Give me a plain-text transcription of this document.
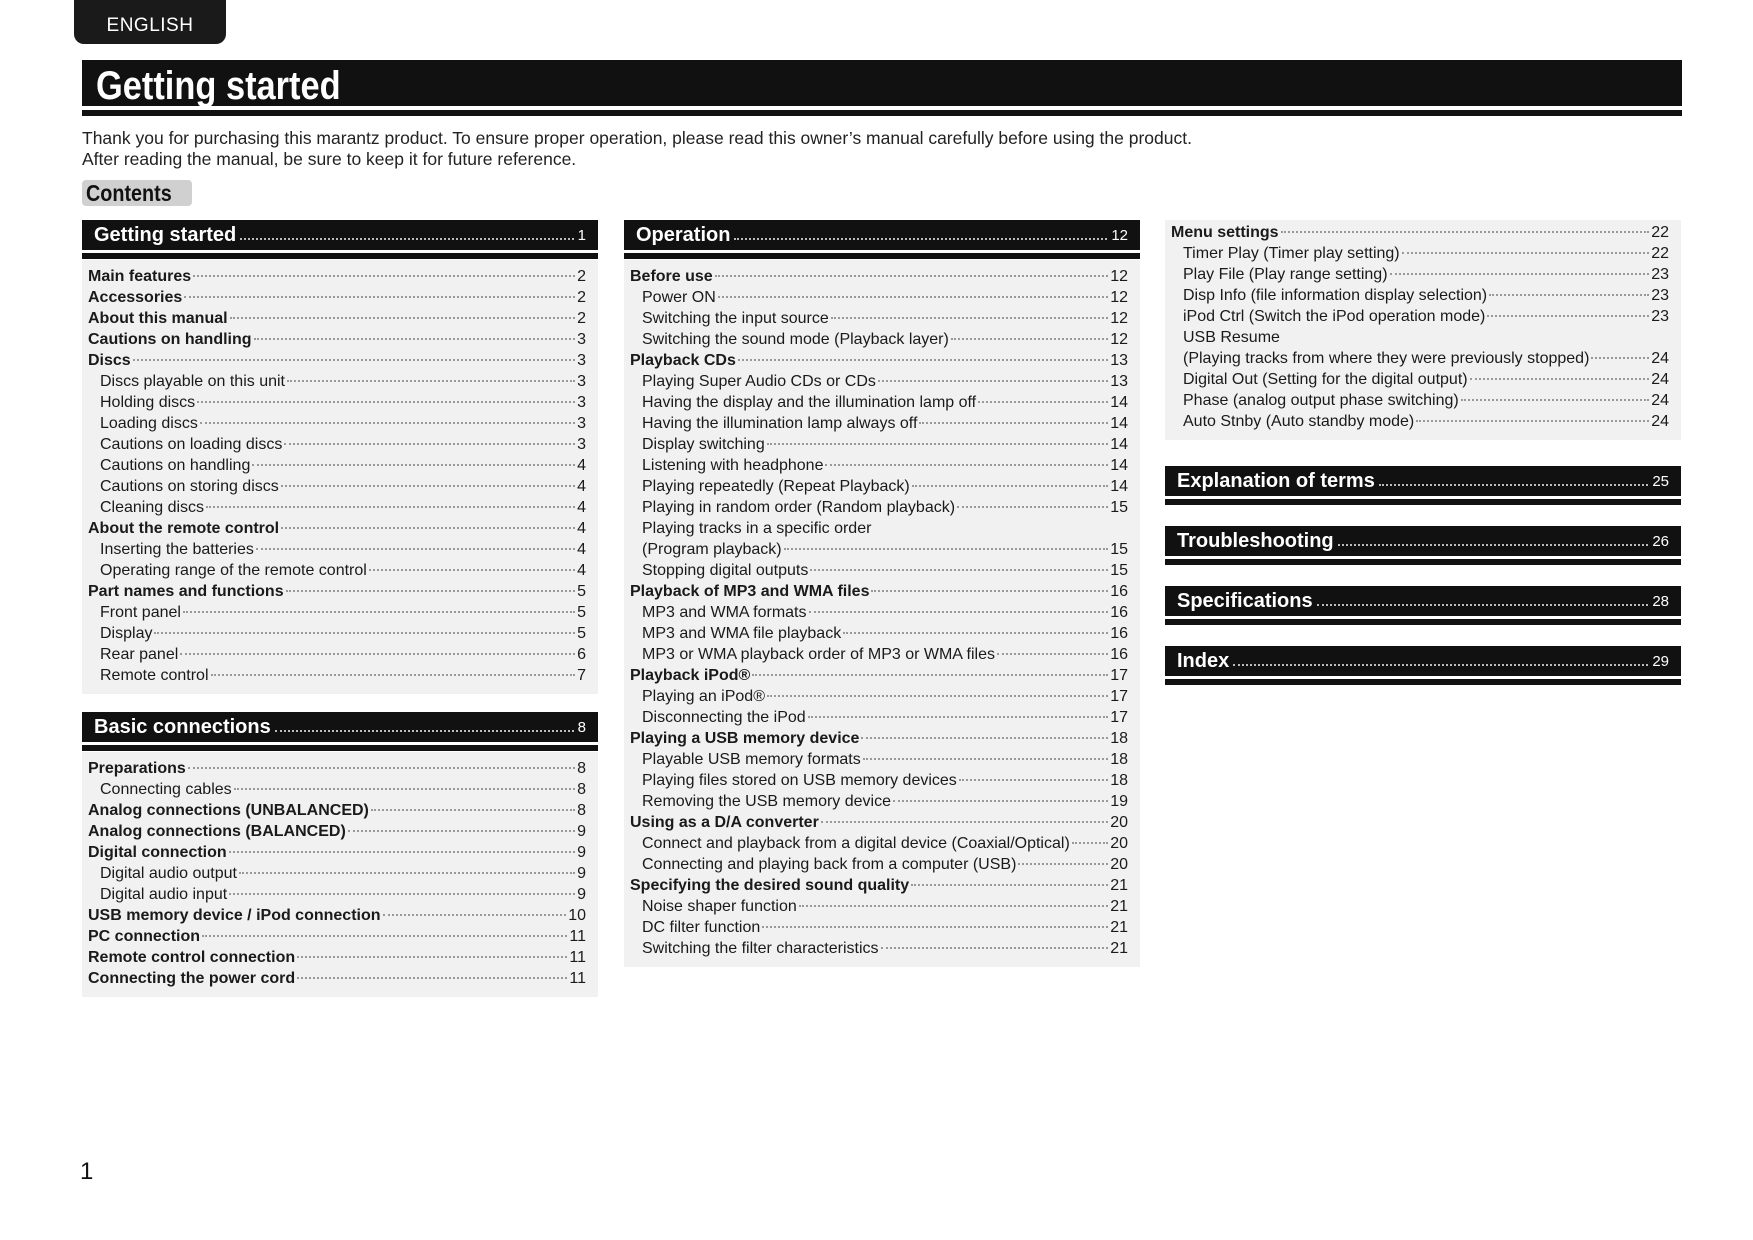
ENGLISH
Getting started
Thank you for purchasing this marantz product. To ensure proper operation, please read this owner’s manual carefully before using the product.
After reading the manual, be sure to keep it for future reference.
Contents
Getting started	1
Main features	2
Accessories	2
About this manual	2
Cautions on handling	3
Discs	3
Discs playable on this unit	3
Holding discs	3
Loading discs	3
Cautions on loading discs	3
Cautions on handling	4
Cautions on storing discs	4
Cleaning discs	4
About the remote control	4
Inserting the batteries	4
Operating range of the remote control	4
Part names and functions	5
Front panel	5
Display	5
Rear panel	6
Remote control	7
Basic connections	8
Preparations	8
Connecting cables	8
Analog connections (UNBALANCED)	8
Analog connections (BALANCED)	9
Digital connection	9
Digital audio output	9
Digital audio input	9
USB memory device / iPod connection	10
PC connection	11
Remote control connection	11
Connecting the power cord	11
Operation	12
Before use	12
Power ON	12
Switching the input source	12
Switching the sound mode (Playback layer)	12
Playback CDs	13
Playing Super Audio CDs or CDs	13
Having the display and the illumination lamp off	14
Having the illumination lamp always off	14
Display switching	14
Listening with headphone	14
Playing repeatedly (Repeat Playback)	14
Playing in random order (Random playback)	15
Playing tracks in a specific order
(Program playback)	15
Stopping digital outputs	15
Playback of MP3 and WMA files	16
MP3 and WMA formats	16
MP3 and WMA file playback	16
MP3 or WMA playback order of MP3 or WMA files	16
Playback iPod®	17
Playing an iPod®	17
Disconnecting the iPod	17
Playing a USB memory device	18
Playable USB memory formats	18
Playing files stored on USB memory devices	18
Removing the USB memory device	19
Using as a D/A converter	20
Connect and playback from a digital device (Coaxial/Optical)	20
Connecting and playing back from a computer (USB)	20
Specifying the desired sound quality	21
Noise shaper function	21
DC filter function	21
Switching the filter characteristics	21
Menu settings	22
Timer Play (Timer play setting)	22
Play File (Play range setting)	23
Disp Info (file information display selection)	23
iPod Ctrl (Switch the iPod operation mode)	23
USB Resume
(Playing tracks from where they were previously stopped)	24
Digital Out (Setting for the digital output)	24
Phase (analog output phase switching)	24
Auto Stnby (Auto standby mode)	24
Explanation of terms	25
Troubleshooting	26
Specifications	28
Index	29
1
